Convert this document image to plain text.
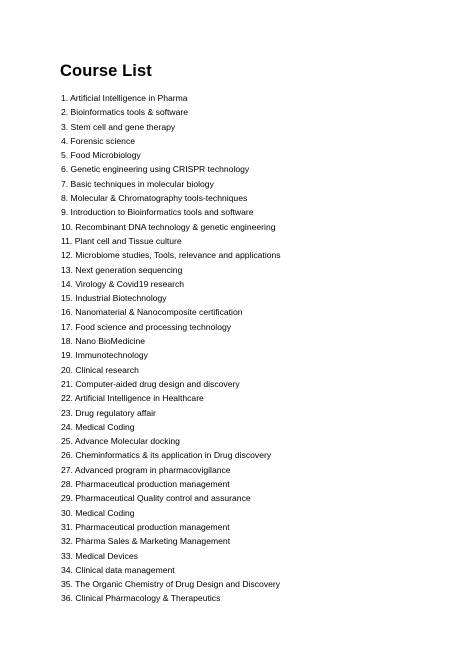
Course List
1. Artificial Intelligence in Pharma
2. Bioinformatics tools & software
3. Stem cell and gene therapy
4. Forensic science
5. Food Microbiology
6. Genetic engineering using CRISPR technology
7. Basic techniques in molecular biology
8. Molecular & Chromatography tools-techniques
9. Introduction to Bioinformatics tools and software
10. Recombinant DNA technology & genetic engineering
11. Plant cell and Tissue culture
12. Microbiome studies, Tools, relevance and applications
13. Next generation sequencing
14. Virology & Covid19 research
15. Industrial Biotechnology
16. Nanomaterial & Nanocomposite certification
17. Food science and processing technology
18. Nano BioMedicine
19. Immunotechnology
20. Clinical research
21. Computer-aided drug design and discovery
22. Artificial Intelligence in Healthcare
23. Drug regulatory affair
24. Medical Coding
25. Advance Molecular docking
26. Cheminformatics & its application in Drug discovery
27. Advanced program in pharmacovigilance
28. Pharmaceutical production management
29. Pharmaceutical Quality control and assurance
30. Medical Coding
31. Pharmaceutical production management
32. Pharma Sales & Marketing Management
33. Medical Devices
34. Clinical data management
35. The Organic Chemistry of Drug Design and Discovery
36. Clinical Pharmacology & Therapeutics
